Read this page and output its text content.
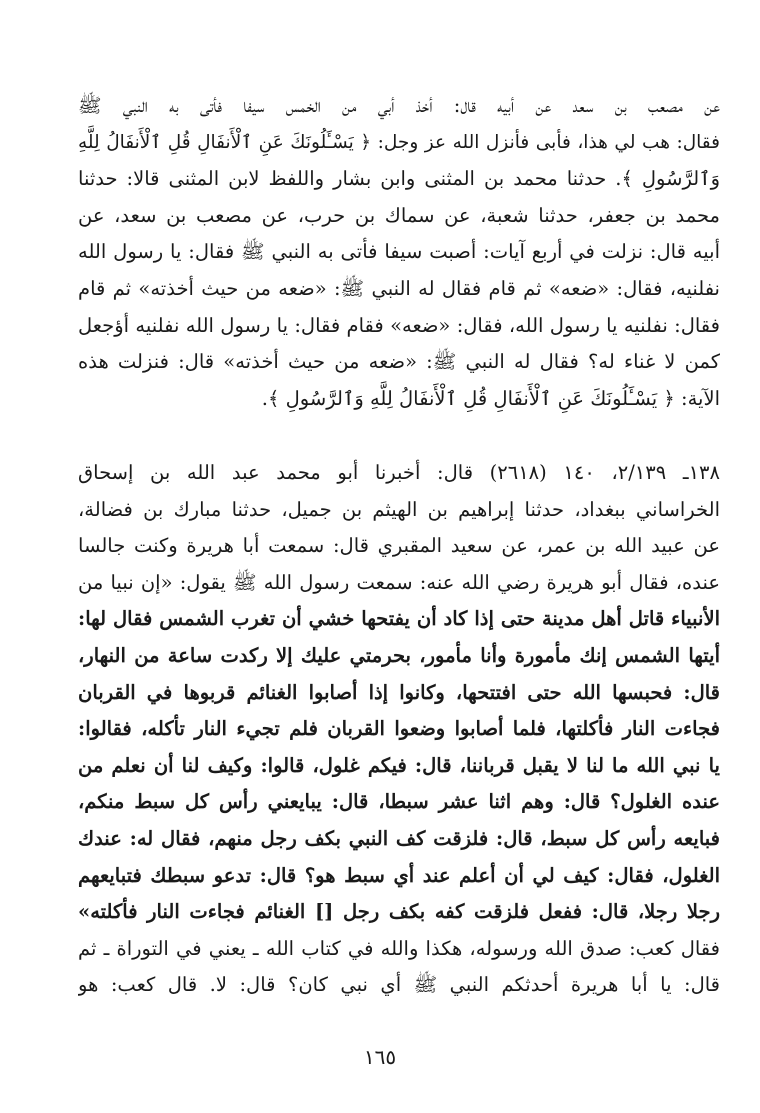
عن مصعب بن سعد عن أبيه قال: أخذ أبي من الخمس سيفا فأتى به النبي ﷺ
فقال: هب لي هذا، فأبى فأنزل الله عز وجل: ﴿ يَسْـَٔلُونَكَ عَنِ ٱلْأَنفَالِ قُلِ ٱلْأَنفَالُ لِلَّهِ
وَٱلرَّسُولِ ﴾. حدثنا محمد بن المثنى وابن بشار واللفظ لابن المثنى قالا: حدثنا
محمد بن جعفر، حدثنا شعبة، عن سماك بن حرب، عن مصعب بن سعد، عن
أبيه قال: نزلت في أربع آيات: أصبت سيفا فأتى به النبي ﷺ فقال: يا رسول الله
نفلنيه، فقال: «ضعه» ثم قام فقال له النبي ﷺ: «ضعه من حيث أخذته» ثم قام
فقال: نفلنيه يا رسول الله، فقال: «ضعه» فقام فقال: يا رسول الله نفلنيه أؤجعل
كمن لا غناء له؟ فقال له النبي ﷺ: «ضعه من حيث أخذته» قال: فنزلت هذه
الآية: ﴿ يَسْـَٔلُونَكَ عَنِ ٱلْأَنفَالِ قُلِ ٱلْأَنفَالُ لِلَّهِ وَٱلرَّسُولِ ﴾.
١٣٨ـ ٢/١٣٩، ١٤٠ (٢٦١٨) قال: أخبرنا أبو محمد عبد الله بن إسحاق
الخراساني ببغداد، حدثنا إبراهيم بن الهيثم بن جميل، حدثنا مبارك بن فضالة،
عن عبيد الله بن عمر، عن سعيد المقبري قال: سمعت أبا هريرة وكنت جالسا
عنده، فقال أبو هريرة رضي الله عنه: سمعت رسول الله ﷺ يقول: «إن نبيا من
الأنبياء قاتل أهل مدينة حتى إذا كاد أن يفتحها خشي أن تغرب الشمس فقال لها:
أيتها الشمس إنك مأمورة وأنا مأمور، بحرمتي عليك إلا ركدت ساعة من النهار،
قال: فحبسها الله حتى افتتحها، وكانوا إذا أصابوا الغنائم قربوها في القربان
فجاءت النار فأكلتها، فلما أصابوا وضعوا القربان فلم تجيء النار تأكله، فقالوا:
يا نبي الله ما لنا لا يقبل قرباننا، قال: فيكم غلول، قالوا: وكيف لنا أن نعلم من
عنده الغلول؟ قال: وهم اثنا عشر سبطا، قال: يبايعني رأس كل سبط منكم،
فبايعه رأس كل سبط، قال: فلزقت كف النبي بكف رجل منهم، فقال له: عندك
الغلول، فقال: كيف لي أن أعلم عند أي سبط هو؟ قال: تدعو سبطك فتبايعهم
رجلا رجلا، قال: ففعل فلزقت كفه بكف رجل [] الغنائم فجاءت النار فأكلته»
فقال كعب: صدق الله ورسوله، هكذا والله في كتاب الله ـ يعني في التوراة ـ ثم
قال: يا أبا هريرة أحدثكم النبي ﷺ أي نبي كان؟ قال: لا. قال كعب: هو
١٦٥
